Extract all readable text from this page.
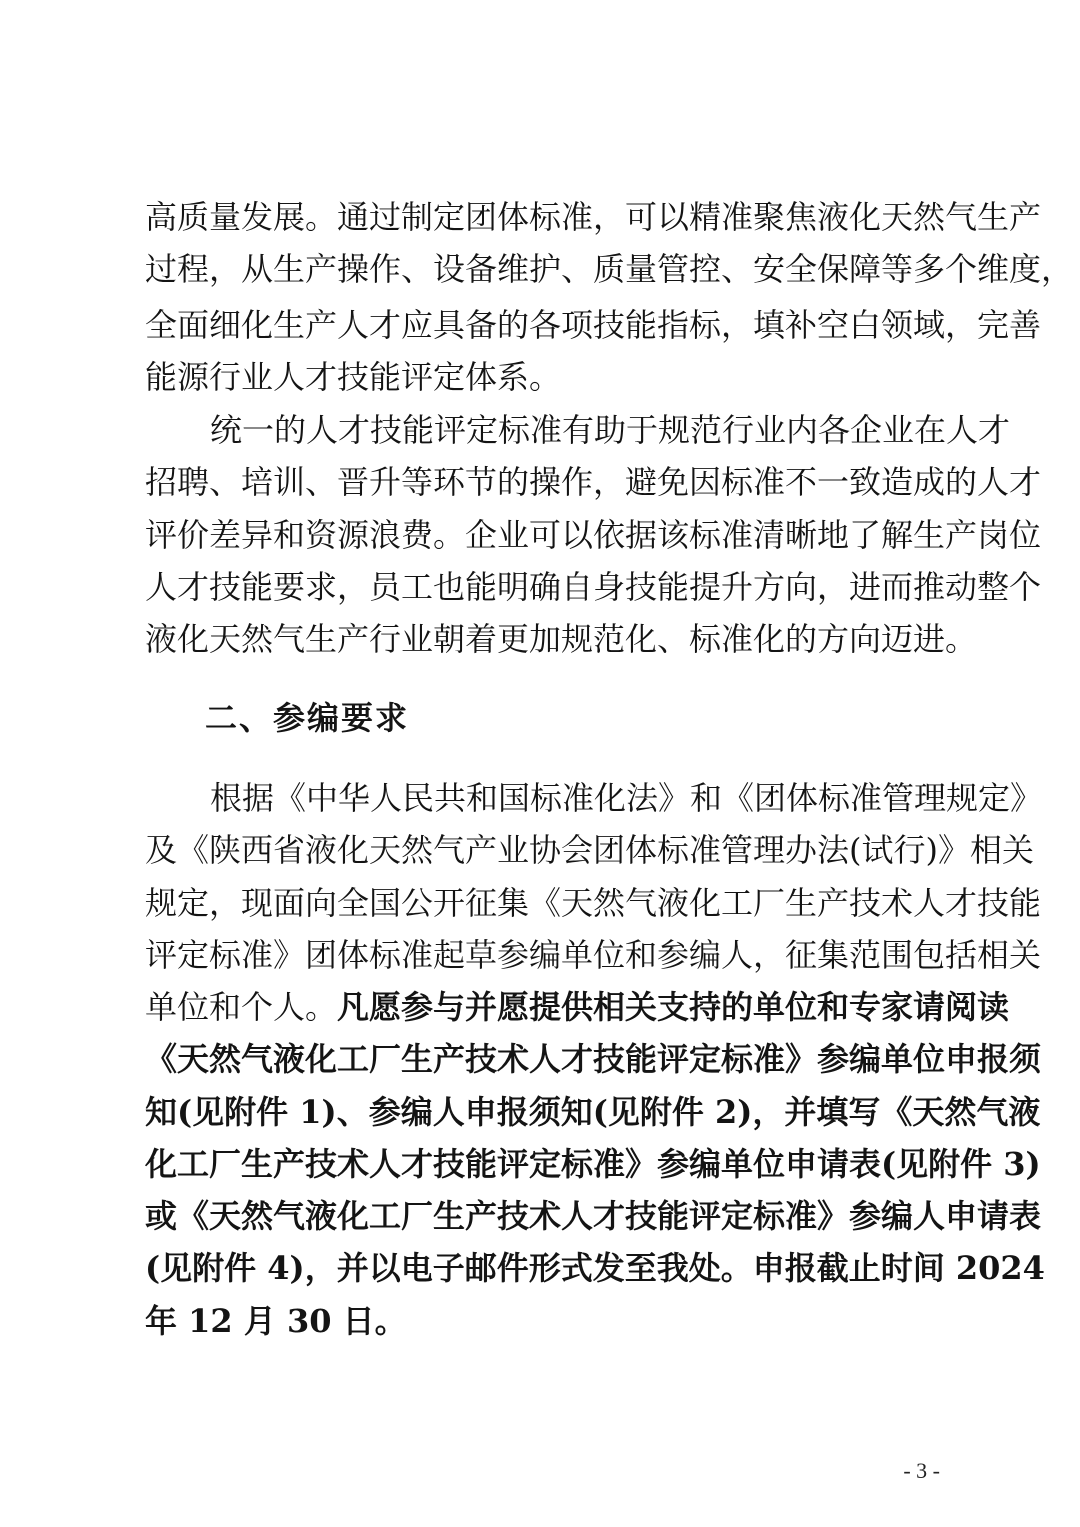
高质量发展。通过制定团体标准，可以精准聚焦液化天然气生产
过程，从生产操作、设备维护、质量管控、安全保障等多个维度，
全面细化生产人才应具备的各项技能指标，填补空白领域，完善
能源行业人才技能评定体系。
统一的人才技能评定标准有助于规范行业内各企业在人才
招聘、培训、晋升等环节的操作，避免因标准不一致造成的人才
评价差异和资源浪费。企业可以依据该标准清晰地了解生产岗位
人才技能要求，员工也能明确自身技能提升方向，进而推动整个
液化天然气生产行业朝着更加规范化、标准化的方向迈进。
二、参编要求
根据《中华人民共和国标准化法》和《团体标准管理规定》
及《陕西省液化天然气产业协会团体标准管理办法(试行)》相关
规定，现面向全国公开征集《天然气液化工厂生产技术人才技能
评定标准》团体标准起草参编单位和参编人，征集范围包括相关
单位和个人。凡愿参与并愿提供相关支持的单位和专家请阅读
《天然气液化工厂生产技术人才技能评定标准》参编单位申报须
知(见附件 1)、参编人申报须知(见附件 2)，并填写《天然气液
化工厂生产技术人才技能评定标准》参编单位申请表(见附件 3)
或《天然气液化工厂生产技术人才技能评定标准》参编人申请表
(见附件 4)，并以电子邮件形式发至我处。申报截止时间 2024
年 12 月 30 日。
- 3 -
